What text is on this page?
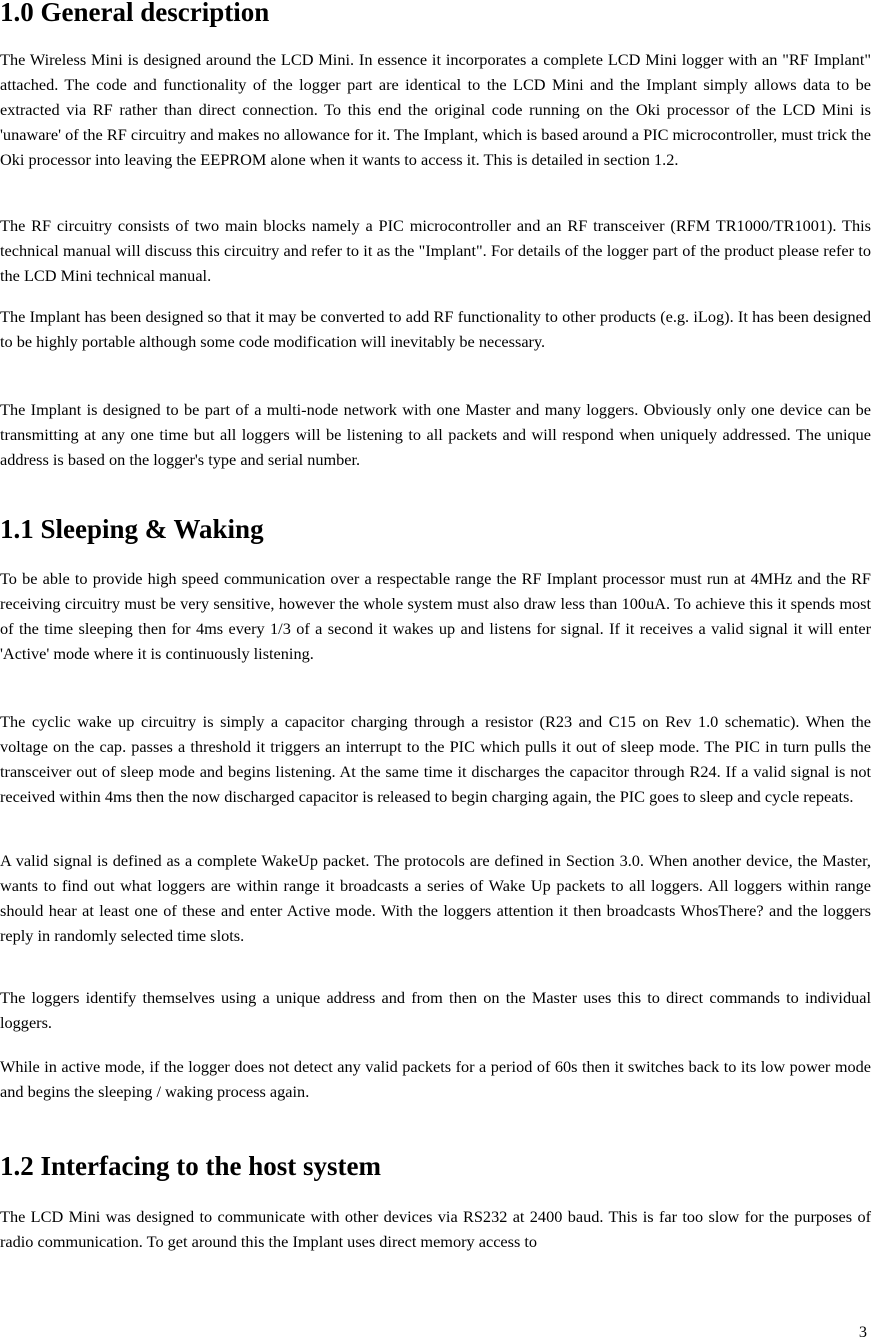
1.0 General description

The Wireless Mini is designed around the LCD Mini. In essence it incorporates a complete LCD Mini logger with an "RF Implant" attached. The code and functionality of the logger part are identical to the LCD Mini and the Implant simply allows data to be extracted via RF rather than direct connection. To this end the original code running on the Oki processor of the LCD Mini is 'unaware' of the RF circuitry and makes no allowance for it. The Implant, which is based around a PIC microcontroller, must trick the Oki processor into leaving the EEPROM alone when it wants to access it. This is detailed in section 1.2.

The RF circuitry consists of two main blocks namely a PIC microcontroller and an RF transceiver (RFM TR1000/TR1001). This technical manual will discuss this circuitry and refer to it as the "Implant". For details of the logger part of the product please refer to the LCD Mini technical manual.

The Implant has been designed so that it may be converted to add RF functionality to other products (e.g. iLog). It has been designed to be highly portable although some code modification will inevitably be necessary.

The Implant is designed to be part of a multi-node network with one Master and many loggers. Obviously only one device can be transmitting at any one time but all loggers will be listening to all packets and will respond when uniquely addressed. The unique address is based on the logger's type and serial number.

1.1 Sleeping & Waking

To be able to provide high speed communication over a respectable range the RF Implant processor must run at 4MHz and the RF receiving circuitry must be very sensitive, however the whole system must also draw less than 100uA. To achieve this it spends most of the time sleeping then for 4ms every 1/3 of a second it wakes up and listens for signal. If it receives a valid signal it will enter 'Active' mode where it is continuously listening.

The cyclic wake up circuitry is simply a capacitor charging through a resistor (R23 and C15 on Rev 1.0 schematic). When the voltage on the cap. passes a threshold it triggers an interrupt to the PIC which pulls it out of sleep mode. The PIC in turn pulls the transceiver out of sleep mode and begins listening. At the same time it discharges the capacitor through R24. If a valid signal is not received within 4ms then the now discharged capacitor is released to begin charging again, the PIC goes to sleep and cycle repeats.

A valid signal is defined as a complete WakeUp packet. The protocols are defined in Section 3.0. When another device, the Master, wants to find out what loggers are within range it broadcasts a series of Wake Up packets to all loggers. All loggers within range should hear at least one of these and enter Active mode. With the loggers attention it then broadcasts WhosThere? and the loggers reply in randomly selected time slots.

The loggers identify themselves using a unique address and from then on the Master uses this to direct commands to individual loggers.

While in active mode, if the logger does not detect any valid packets for a period of 60s then it switches back to its low power mode and begins the sleeping / waking process again.

1.2 Interfacing to the host system

The LCD Mini was designed to communicate with other devices via RS232 at 2400 baud. This is far too slow for the purposes of radio communication. To get around this the Implant uses direct memory access to

3
